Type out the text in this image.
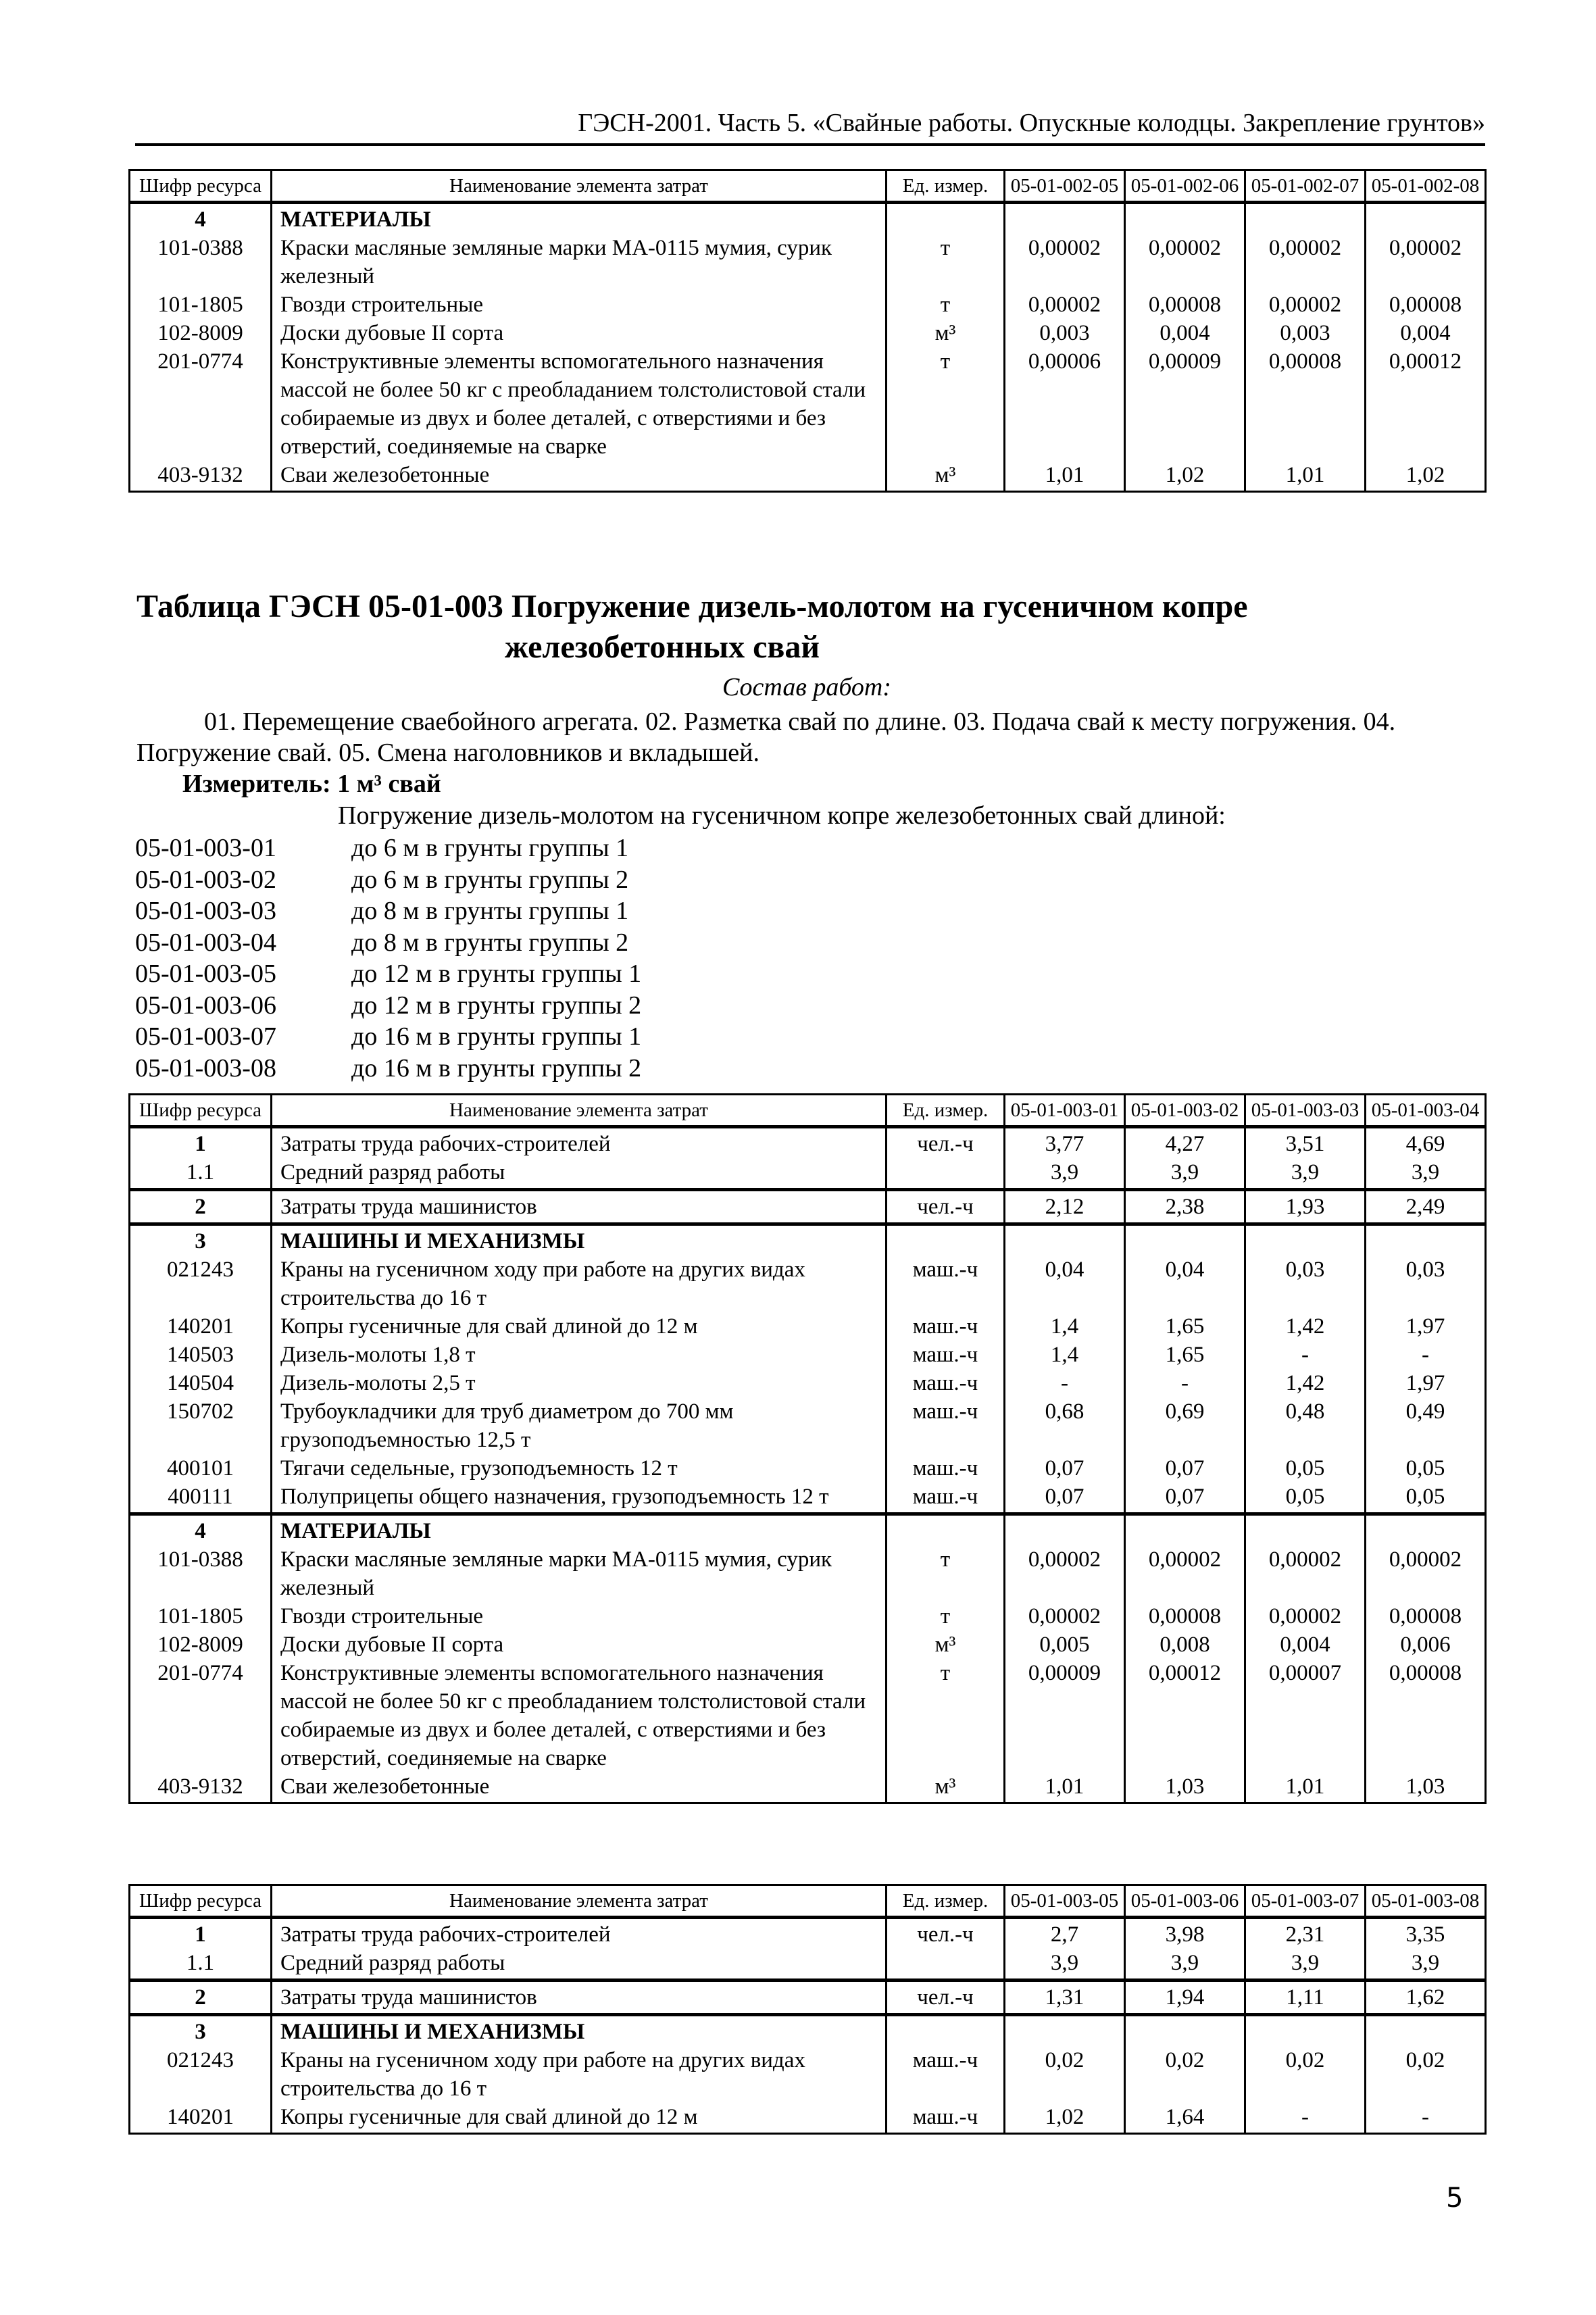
ГЭСН-2001. Часть 5. «Свайные работы. Опускные колодцы. Закрепление грунтов»
Шифр ресурса	Наименование элемента затрат	Ед. измер.	05-01-002-05	05-01-002-06	05-01-002-07	05-01-002-08
4	МАТЕРИАЛЫ					
101-0388	Краски масляные земляные марки МА-0115 мумия, сурик железный	т	0,00002	0,00002	0,00002	0,00002
101-1805	Гвозди строительные	т	0,00002	0,00008	0,00002	0,00008
102-8009	Доски дубовые II сорта	м³	0,003	0,004	0,003	0,004
201-0774	Конструктивные элементы вспомогательного назначения массой не более 50 кг с преобладанием толстолистовой стали собираемые из двух и более деталей, с отверстиями и без отверстий, соединяемые на сварке	т	0,00006	0,00009	0,00008	0,00012
403-9132	Сваи железобетонные	м³	1,01	1,02	1,01	1,02
Таблица ГЭСН 05-01-003 Погружение дизель-молотом на гусеничном копре
железобетонных свай
Состав работ:
01. Перемещение сваебойного агрегата. 02. Разметка свай по длине. 03. Подача свай к месту погружения. 04. Погружение свай. 05. Смена наголовников и вкладышей.
Измеритель: 1 м³ свай
Погружение дизель-молотом на гусеничном копре железобетонных свай длиной:
05-01-003-01	до 6 м в грунты группы 1
05-01-003-02	до 6 м в грунты группы 2
05-01-003-03	до 8 м в грунты группы 1
05-01-003-04	до 8 м в грунты группы 2
05-01-003-05	до 12 м в грунты группы 1
05-01-003-06	до 12 м в грунты группы 2
05-01-003-07	до 16 м в грунты группы 1
05-01-003-08	до 16 м в грунты группы 2
Шифр ресурса	Наименование элемента затрат	Ед. измер.	05-01-003-01	05-01-003-02	05-01-003-03	05-01-003-04
1	Затраты труда рабочих-строителей	чел.-ч	3,77	4,27	3,51	4,69
1.1	Средний разряд работы		3,9	3,9	3,9	3,9
2	Затраты труда машинистов	чел.-ч	2,12	2,38	1,93	2,49
3	МАШИНЫ И МЕХАНИЗМЫ					
021243	Краны на гусеничном ходу при работе на других видах строительства до 16 т	маш.-ч	0,04	0,04	0,03	0,03
140201	Копры гусеничные для свай длиной до 12 м	маш.-ч	1,4	1,65	1,42	1,97
140503	Дизель-молоты 1,8 т	маш.-ч	1,4	1,65	-	-
140504	Дизель-молоты 2,5 т	маш.-ч	-	-	1,42	1,97
150702	Трубоукладчики для труб диаметром до 700 мм грузоподъемностью 12,5 т	маш.-ч	0,68	0,69	0,48	0,49
400101	Тягачи седельные, грузоподъемность 12 т	маш.-ч	0,07	0,07	0,05	0,05
400111	Полуприцепы общего назначения, грузоподъемность 12 т	маш.-ч	0,07	0,07	0,05	0,05
4	МАТЕРИАЛЫ					
101-0388	Краски масляные земляные марки МА-0115 мумия, сурик железный	т	0,00002	0,00002	0,00002	0,00002
101-1805	Гвозди строительные	т	0,00002	0,00008	0,00002	0,00008
102-8009	Доски дубовые II сорта	м³	0,005	0,008	0,004	0,006
201-0774	Конструктивные элементы вспомогательного назначения массой не более 50 кг с преобладанием толстолистовой стали собираемые из двух и более деталей, с отверстиями и без отверстий, соединяемые на сварке	т	0,00009	0,00012	0,00007	0,00008
403-9132	Сваи железобетонные	м³	1,01	1,03	1,01	1,03
Шифр ресурса	Наименование элемента затрат	Ед. измер.	05-01-003-05	05-01-003-06	05-01-003-07	05-01-003-08
1	Затраты труда рабочих-строителей	чел.-ч	2,7	3,98	2,31	3,35
1.1	Средний разряд работы		3,9	3,9	3,9	3,9
2	Затраты труда машинистов	чел.-ч	1,31	1,94	1,11	1,62
3	МАШИНЫ И МЕХАНИЗМЫ					
021243	Краны на гусеничном ходу при работе на других видах строительства до 16 т	маш.-ч	0,02	0,02	0,02	0,02
140201	Копры гусеничные для свай длиной до 12 м	маш.-ч	1,02	1,64	-	-
5
